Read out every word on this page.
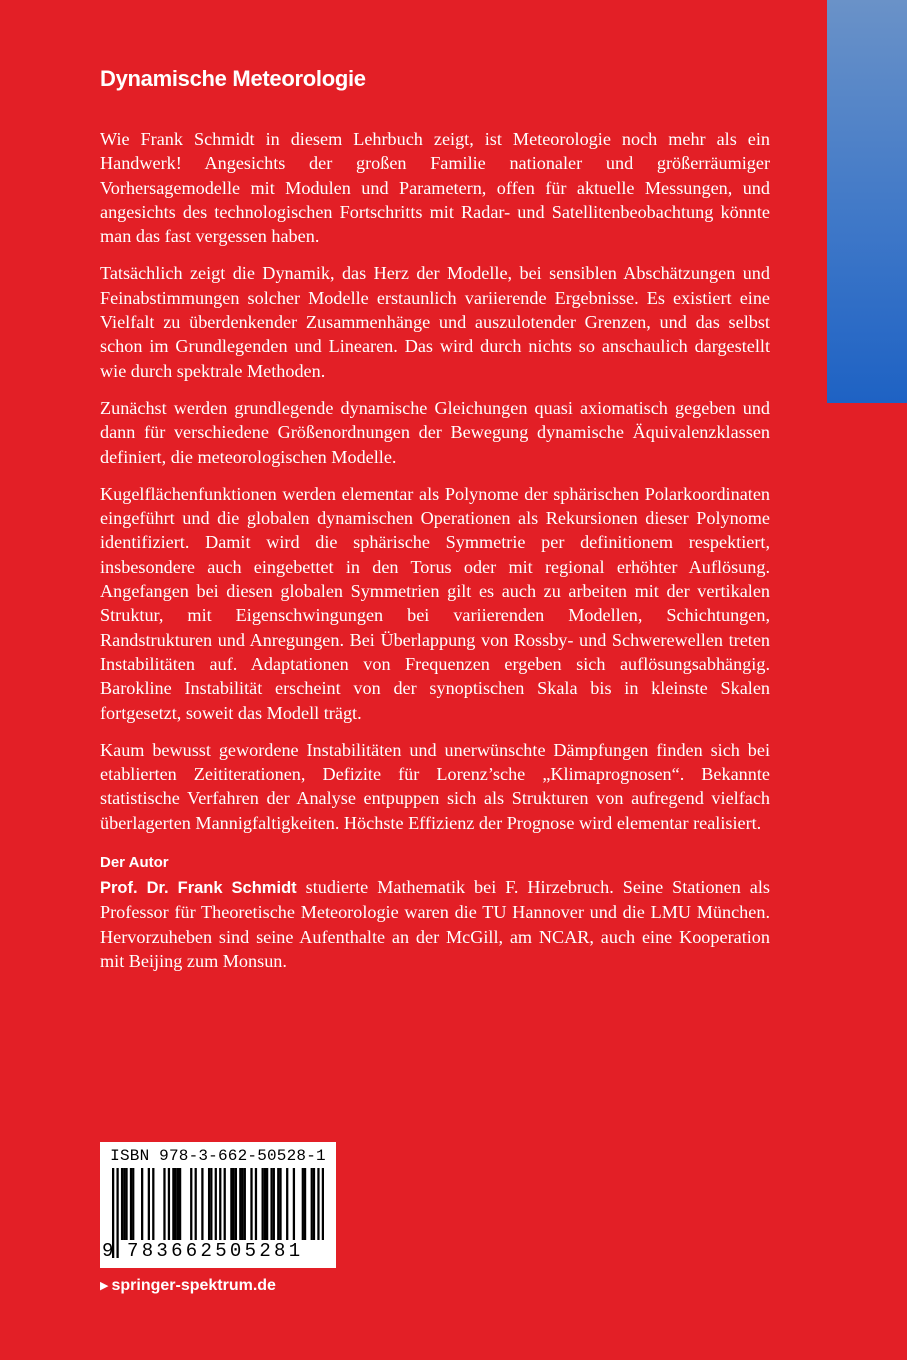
Dynamische Meteorologie

Wie Frank Schmidt in diesem Lehrbuch zeigt, ist Meteorologie noch mehr als ein Handwerk! Angesichts der großen Familie nationaler und größerräumiger Vorhersagemodelle mit Modulen und Parametern, offen für aktuelle Messungen, und angesichts des technologischen Fortschritts mit Radar- und Satellitenbeobachtung könnte man das fast vergessen haben.

Tatsächlich zeigt die Dynamik, das Herz der Modelle, bei sensiblen Abschätzungen und Feinabstimmungen solcher Modelle erstaunlich variierende Ergebnisse. Es existiert eine Vielfalt zu überdenkender Zusammenhänge und auszulotender Grenzen, und das selbst schon im Grundlegenden und Linearen. Das wird durch nichts so anschaulich dargestellt wie durch spektrale Methoden.

Zunächst werden grundlegende dynamische Gleichungen quasi axiomatisch gegeben und dann für verschiedene Größenordnungen der Bewegung dynamische Äquivalenzklassen definiert, die meteorologischen Modelle.

Kugelflächenfunktionen werden elementar als Polynome der sphärischen Polarkoordinaten eingeführt und die globalen dynamischen Operationen als Rekursionen dieser Polynome identifiziert. Damit wird die sphärische Symmetrie per definitionem respektiert, insbesondere auch eingebettet in den Torus oder mit regional erhöhter Auflösung. Angefangen bei diesen globalen Symmetrien gilt es auch zu arbeiten mit der vertikalen Struktur, mit Eigenschwingungen bei variierenden Modellen, Schichtungen, Randstrukturen und Anregungen. Bei Überlappung von Rossby- und Schwerewellen treten Instabilitäten auf. Adaptationen von Frequenzen ergeben sich auflösungsabhängig. Barokline Instabilität erscheint von der synoptischen Skala bis in kleinste Skalen fortgesetzt, soweit das Modell trägt.

Kaum bewusst gewordene Instabilitäten und unerwünschte Dämpfungen finden sich bei etablierten Zeititerationen, Defizite für Lorenz’sche „Klimaprognosen“. Bekannte statistische Verfahren der Analyse entpuppen sich als Strukturen von aufregend vielfach überlagerten Mannigfaltigkeiten. Höchste Effizienz der Prognose wird elementar realisiert.

Der Autor

Prof. Dr. Frank Schmidt studierte Mathematik bei F. Hirzebruch. Seine Stationen als Professor für Theoretische Meteorologie waren die TU Hannover und die LMU München. Hervorzuheben sind seine Aufenthalte an der McGill, am NCAR, auch eine Kooperation mit Beijing zum Monsun.

ISBN 978-3-662-50528-1
9 783662505281
▶ springer-spektrum.de
